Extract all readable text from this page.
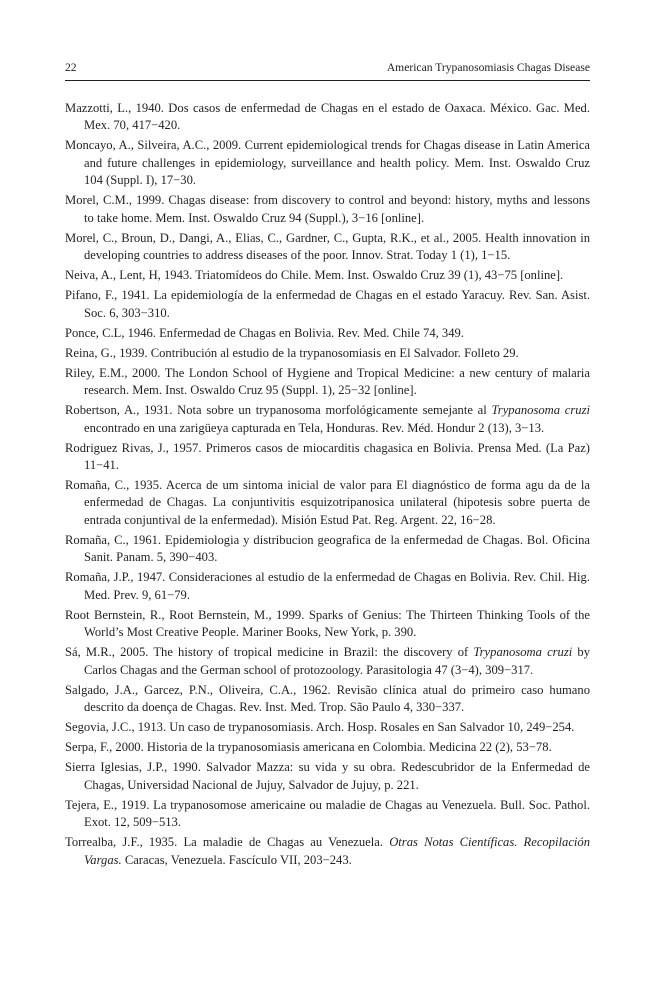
22	American Trypanosomiasis Chagas Disease
Mazzotti, L., 1940. Dos casos de enfermedad de Chagas en el estado de Oaxaca. México. Gac. Med. Mex. 70, 417−420.
Moncayo, A., Silveira, A.C., 2009. Current epidemiological trends for Chagas disease in Latin America and future challenges in epidemiology, surveillance and health policy. Mem. Inst. Oswaldo Cruz 104 (Suppl. I), 17−30.
Morel, C.M., 1999. Chagas disease: from discovery to control and beyond: history, myths and lessons to take home. Mem. Inst. Oswaldo Cruz 94 (Suppl.), 3−16 [online].
Morel, C., Broun, D., Dangi, A., Elias, C., Gardner, C., Gupta, R.K., et al., 2005. Health innovation in developing countries to address diseases of the poor. Innov. Strat. Today 1 (1), 1−15.
Neiva, A., Lent, H, 1943. Triatomídeos do Chile. Mem. Inst. Oswaldo Cruz 39 (1), 43−75 [online].
Pifano, F., 1941. La epidemiología de la enfermedad de Chagas en el estado Yaracuy. Rev. San. Asist. Soc. 6, 303−310.
Ponce, C.L, 1946. Enfermedad de Chagas en Bolivia. Rev. Med. Chile 74, 349.
Reina, G., 1939. Contribución al estudio de la trypanosomiasis en El Salvador. Folleto 29.
Riley, E.M., 2000. The London School of Hygiene and Tropical Medicine: a new century of malaria research. Mem. Inst. Oswaldo Cruz 95 (Suppl. 1), 25−32 [online].
Robertson, A., 1931. Nota sobre un trypanosoma morfológicamente semejante al Trypanosoma cruzi encontrado en una zarigüeya capturada en Tela, Honduras. Rev. Méd. Hondur 2 (13), 3−13.
Rodriguez Rivas, J., 1957. Primeros casos de miocarditis chagasica en Bolivia. Prensa Med. (La Paz) 11−41.
Romaña, C., 1935. Acerca de um sintoma inicial de valor para El diagnóstico de forma agu da de la enfermedad de Chagas. La conjuntivitis esquizotripanosica unilateral (hipotesis sobre puerta de entrada conjuntival de la enfermedad). Misión Estud Pat. Reg. Argent. 22, 16−28.
Romaña, C., 1961. Epidemiologia y distribucion geografica de la enfermedad de Chagas. Bol. Oficina Sanit. Panam. 5, 390−403.
Romaña, J.P., 1947. Consideraciones al estudio de la enfermedad de Chagas en Bolivia. Rev. Chil. Hig. Med. Prev. 9, 61−79.
Root Bernstein, R., Root Bernstein, M., 1999. Sparks of Genius: The Thirteen Thinking Tools of the World’s Most Creative People. Mariner Books, New York, p. 390.
Sá, M.R., 2005. The history of tropical medicine in Brazil: the discovery of Trypanosoma cruzi by Carlos Chagas and the German school of protozoology. Parasitologia 47 (3−4), 309−317.
Salgado, J.A., Garcez, P.N., Oliveira, C.A., 1962. Revisão clínica atual do primeiro caso humano descrito da doença de Chagas. Rev. Inst. Med. Trop. São Paulo 4, 330−337.
Segovia, J.C., 1913. Un caso de trypanosomiasis. Arch. Hosp. Rosales en San Salvador 10, 249−254.
Serpa, F., 2000. Historia de la trypanosomiasis americana en Colombia. Medicina 22 (2), 53−78.
Sierra Iglesias, J.P., 1990. Salvador Mazza: su vida y su obra. Redescubridor de la Enfermedad de Chagas, Universidad Nacional de Jujuy, Salvador de Jujuy, p. 221.
Tejera, E., 1919. La trypanosomose americaine ou maladie de Chagas au Venezuela. Bull. Soc. Pathol. Exot. 12, 509−513.
Torrealba, J.F., 1935. La maladie de Chagas au Venezuela. Otras Notas Científicas. Recopilación Vargas. Caracas, Venezuela. Fascículo VII, 203−243.
